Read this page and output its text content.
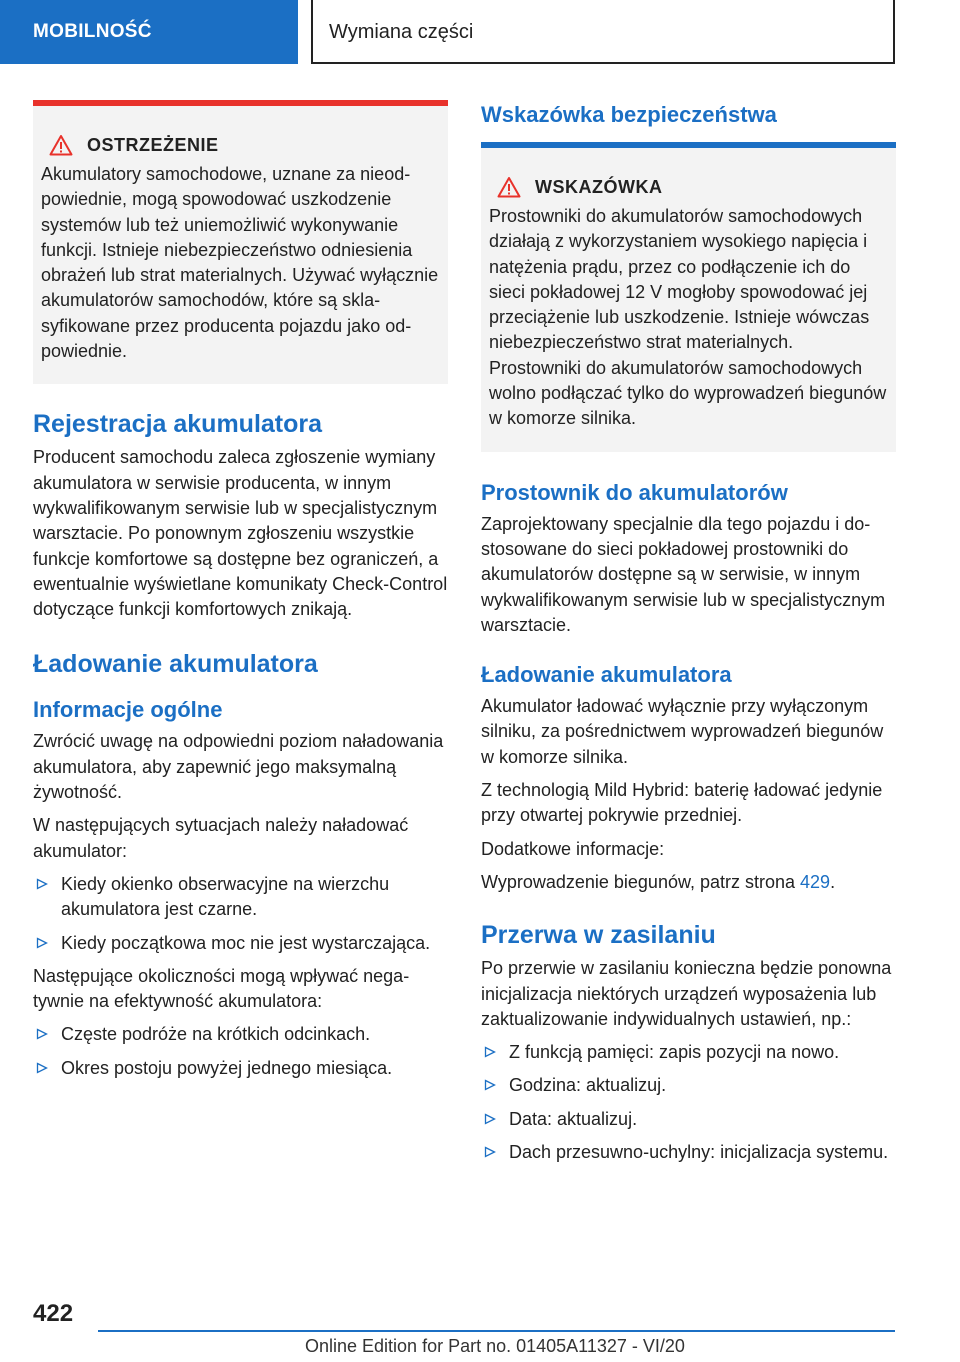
MOBILNOŚĆ	Wymiana części
OSTRZEŻENIE

Akumulatory samochodowe, uznane za nieodpowiednie, mogą spowodować uszkodzenie systemów lub też uniemożliwić wykonywanie funkcji. Istnieje niebezpieczeństwo odniesienia obrażeń lub strat materialnych. Używać wyłącznie akumulatorów samochodów, które są sklasyfikowane przez producenta pojazdu jako odpowiednie.

Rejestracja akumulatora

Producent samochodu zaleca zgłoszenie wymiany akumulatora w serwisie producenta, w innym wykwalifikowanym serwisie lub w specjalistycznym warsztacie. Po ponownym zgłoszeniu wszystkie funkcje komfortowe są dostępne bez ograniczeń, a ewentualnie wyświetlane komunikaty Check-Control dotyczące funkcji komfortowych znikają.

Ładowanie akumulatora
Informacje ogólne

Zwrócić uwagę na odpowiedni poziom naładowania akumulatora, aby zapewnić jego maksymalną żywotność.

W następujących sytuacjach należy naładować akumulator:

Kiedy okienko obserwacyjne na wierzchu akumulatora jest czarne.
Kiedy początkowa moc nie jest wystarczająca.

Następujące okoliczności mogą wpływać negatywnie na efektywność akumulatora:

Częste podróże na krótkich odcinkach.
Okres postoju powyżej jednego miesiąca.
Wskazówka bezpieczeństwa
WSKAZÓWKA

Prostowniki do akumulatorów samochodowych działają z wykorzystaniem wysokiego napięcia i natężenia prądu, przez co podłączenie ich do sieci pokładowej 12 V mogłoby spowodować jej przeciążenie lub uszkodzenie. Istnieje wówczas niebezpieczeństwo strat materialnych. Prostowniki do akumulatorów samochodowych wolno podłączać tylko do wyprowadzeń biegunów w komorze silnika.

Prostownik do akumulatorów

Zaprojektowany specjalnie dla tego pojazdu i dostosowane do sieci pokładowej prostowniki do akumulatorów dostępne są w serwisie, w innym wykwalifikowanym serwisie lub w specjalistycznym warsztacie.

Ładowanie akumulatora

Akumulator ładować wyłącznie przy wyłączonym silniku, za pośrednictwem wyprowadzeń biegunów w komorze silnika.

Z technologią Mild Hybrid: baterię ładować jedynie przy otwartej pokrywie przedniej.

Dodatkowe informacje:

Wyprowadzenie biegunów, patrz strona 429.

Przerwa w zasilaniu

Po przerwie w zasilaniu konieczna będzie ponowna inicjalizacja niektórych urządzeń wyposażenia lub zaktualizowanie indywidualnych ustawień, np.:

Z funkcją pamięci: zapis pozycji na nowo.
Godzina: aktualizuj.
Data: aktualizuj.
Dach przesuwno-uchylny: inicjalizacja systemu.
422
Online Edition for Part no. 01405A11327 - VI/20
